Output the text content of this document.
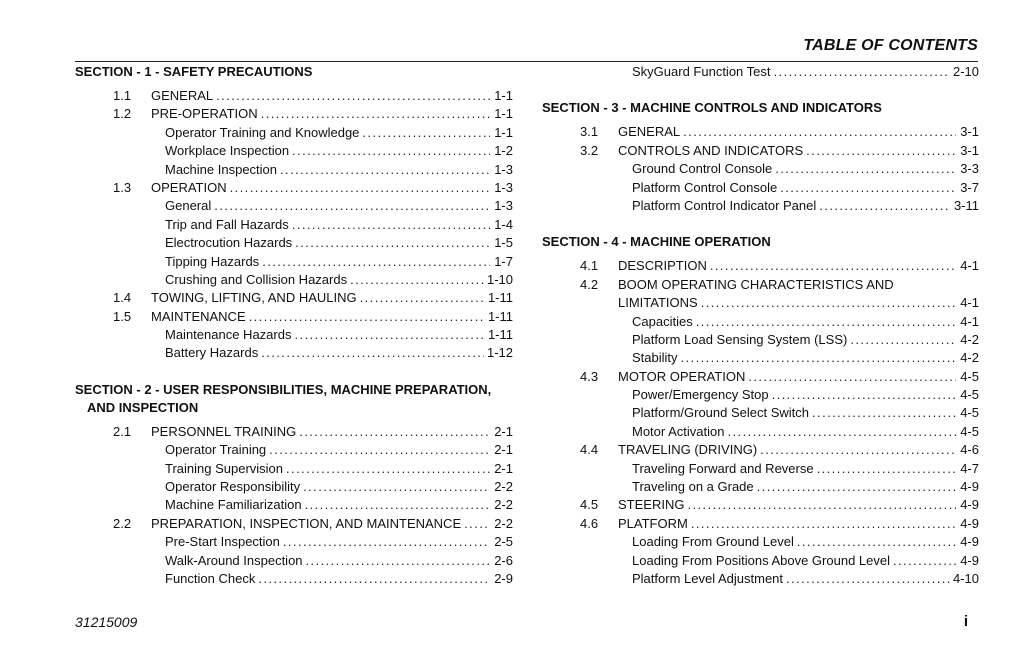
TABLE OF CONTENTS
SECTION - 1 - SAFETY PRECAUTIONS
1.1	GENERAL . . .	1-1
1.2	PRE-OPERATION . . .	1-1
Operator Training and Knowledge . . .	1-1
Workplace Inspection . . .	1-2
Machine Inspection . . .	1-3
1.3	OPERATION . . .	1-3
General . . .	1-3
Trip and Fall Hazards . . .	1-4
Electrocution Hazards . . .	1-5
Tipping Hazards . . .	1-7
Crushing and Collision Hazards . . .	1-10
1.4	TOWING, LIFTING, AND HAULING . . .	1-11
1.5	MAINTENANCE . . .	1-11
Maintenance Hazards . . .	1-11
Battery Hazards . . .	1-12
SECTION - 2 - USER RESPONSIBILITIES, MACHINE PREPARATION,
AND INSPECTION
2.1	PERSONNEL TRAINING . . .	2-1
Operator Training . . .	2-1
Training Supervision . . .	2-1
Operator Responsibility . . .	2-2
Machine Familiarization . . .	2-2
2.2	PREPARATION, INSPECTION, AND MAINTENANCE . . .	2-2
Pre-Start Inspection . . .	2-5
Walk-Around Inspection . . .	2-6
Function Check . . .	2-9
SkyGuard Function Test . . .	2-10
SECTION - 3 - MACHINE CONTROLS AND INDICATORS
3.1	GENERAL . . .	3-1
3.2	CONTROLS AND INDICATORS . . .	3-1
Ground Control Console . . .	3-3
Platform Control Console . . .	3-7
Platform Control Indicator Panel . . .	3-11
SECTION - 4 - MACHINE OPERATION
4.1	DESCRIPTION . . .	4-1
4.2	BOOM OPERATING CHARACTERISTICS AND
LIMITATIONS . . .	4-1
Capacities . . .	4-1
Platform Load Sensing System (LSS) . . .	4-2
Stability . . .	4-2
4.3	MOTOR OPERATION . . .	4-5
Power/Emergency Stop . . .	4-5
Platform/Ground Select Switch . . .	4-5
Motor Activation . . .	4-5
4.4	TRAVELING (DRIVING) . . .	4-6
Traveling Forward and Reverse . . .	4-7
Traveling on a Grade . . .	4-9
4.5	STEERING . . .	4-9
4.6	PLATFORM . . .	4-9
Loading From Ground Level . . .	4-9
Loading From Positions Above Ground Level . . .	4-9
Platform Level Adjustment . . .	4-10
31215009	i
